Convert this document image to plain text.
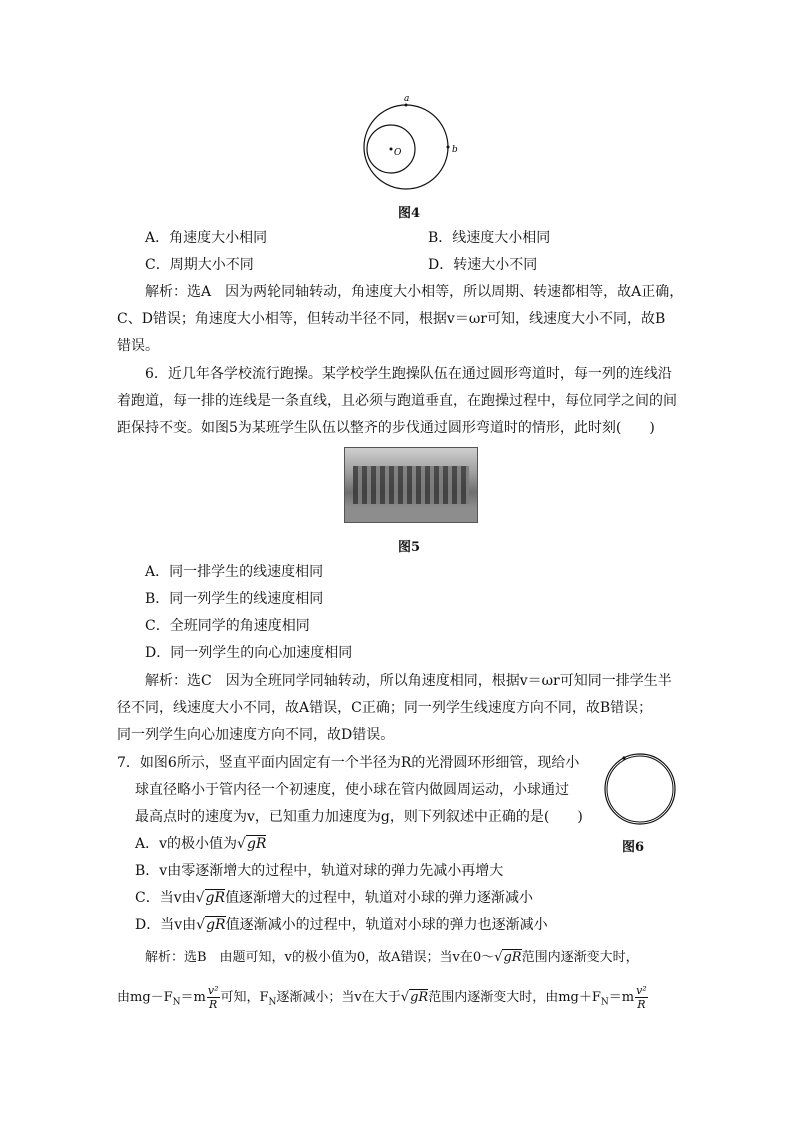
a
b
O
图4
A．角速度大小相同	B．线速度大小相同
C．周期大小不同	D．转速大小不同
解析：选A　因为两轮同轴转动，角速度大小相等，所以周期、转速都相等，故A正确，
C、D错误；角速度大小相等，但转动半径不同，根据v＝ωr可知，线速度大小不同，故B
错误。
6．近几年各学校流行跑操。某学校学生跑操队伍在通过圆形弯道时，每一列的连线沿
着跑道，每一排的连线是一条直线，且必须与跑道垂直，在跑操过程中，每位同学之间的间
距保持不变。如图5为某班学生队伍以整齐的步伐通过圆形弯道时的情形，此时刻(　　)
图5
A．同一排学生的线速度相同
B．同一列学生的线速度相同
C．全班同学的角速度相同
D．同一列学生的向心加速度相同
解析：选C　因为全班同学同轴转动，所以角速度相同，根据v＝ωr可知同一排学生半
径不同，线速度大小不同，故A错误，C正确；同一列学生线速度方向不同，故B错误；
同一列学生向心加速度方向不同，故D错误。
7．如图6所示，竖直平面内固定有一个半径为R的光滑圆环形细管，现给小
球直径略小于管内径一个初速度，使小球在管内做圆周运动，小球通过
最高点时的速度为v，已知重力加速度为g，则下列叙述中正确的是(　　)
图6
A．v的极小值为√gR
B．v由零逐渐增大的过程中，轨道对球的弹力先减小再增大
C．当v由√gR值逐渐增大的过程中，轨道对小球的弹力逐渐减小
D．当v由√gR值逐渐减小的过程中，轨道对小球的弹力也逐渐减小
解析：选B　由题可知，v的极小值为0，故A错误；当v在0～√gR范围内逐渐变大时，
由$mg-F_N=m \frac{\text{v²}}{R}$ 可知，$F_N$逐渐减小；当v在大于√gR范围内逐渐变大时，由$mg+F_N=m \frac{\text{v²}}{R}$
